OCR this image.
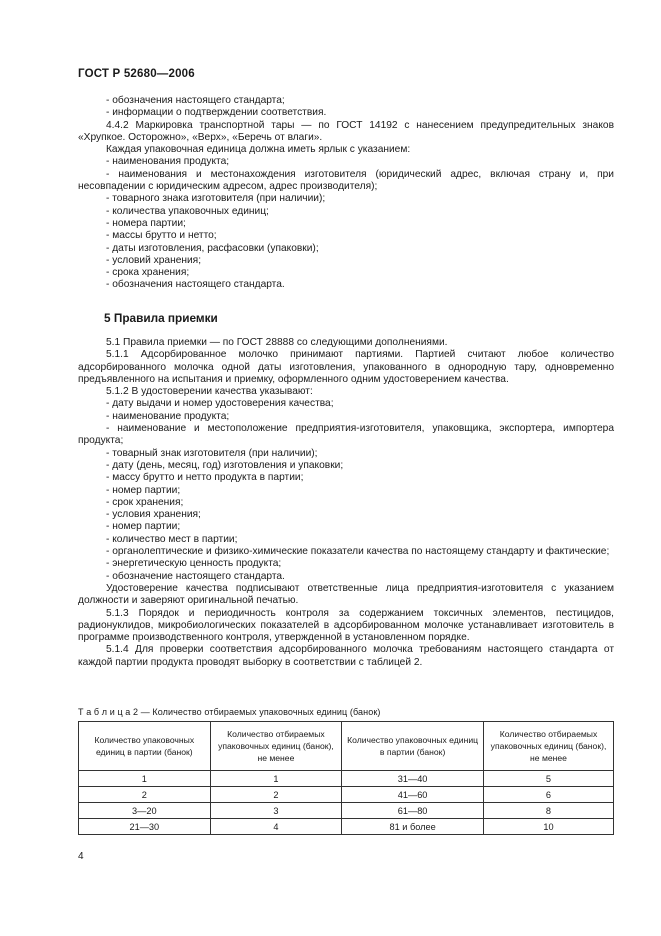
ГОСТ Р 52680—2006

- обозначения настоящего стандарта;

- информации о подтверждении соответствия.

4.4.2 Маркировка транспортной тары — по ГОСТ 14192 с нанесением предупредительных знаков «Хрупкое. Осторожно», «Верх», «Беречь от влаги».

Каждая упаковочная единица должна иметь ярлык с указанием:

- наименования продукта;

- наименования и местонахождения изготовителя (юридический адрес, включая страну и, при несовпадении с юридическим адресом, адрес производителя);

- товарного знака изготовителя (при наличии);

- количества упаковочных единиц;

- номера партии;

- массы брутто и нетто;

- даты изготовления, расфасовки (упаковки);

- условий хранения;

- срока хранения;

- обозначения настоящего стандарта.

5 Правила приемки

5.1 Правила приемки — по ГОСТ 28888 со следующими дополнениями.

5.1.1 Адсорбированное молочко принимают партиями. Партией считают любое количество адсорбированного молочка одной даты изготовления, упакованного в однородную тару, одновременно предъявленного на испытания и приемку, оформленного одним удостоверением качества.

5.1.2 В удостоверении качества указывают:

- дату выдачи и номер удостоверения качества;

- наименование продукта;

- наименование и местоположение предприятия-изготовителя, упаковщика, экспортера, импортера продукта;

- товарный знак изготовителя (при наличии);

- дату (день, месяц, год) изготовления и упаковки;

- массу брутто и нетто продукта в партии;

- номер партии;

- срок хранения;

- условия хранения;

- номер партии;

- количество мест в партии;

- органолептические и физико-химические показатели качества по настоящему стандарту и фактические;

- энергетическую ценность продукта;

- обозначение настоящего стандарта.

Удостоверение качества подписывают ответственные лица предприятия-изготовителя с указанием должности и заверяют оригинальной печатью.

5.1.3 Порядок и периодичность контроля за содержанием токсичных элементов, пестицидов, радионуклидов, микробиологических показателей в адсорбированном молочке устанавливает изготовитель в программе производственного контроля, утвержденной в установленном порядке.

5.1.4 Для проверки соответствия адсорбированного молочка требованиям настоящего стандарта от каждой партии продукта проводят выборку в соответствии с таблицей 2.

Т а б л и ц а 2 — Количество отбираемых упаковочных единиц (банок)
Количество упаковочных единиц в партии (банок)	Количество отбираемых упаковочных единиц (банок), не менее	Количество упаковочных единиц в партии (банок)	Количество отбираемых упаковочных единиц (банок), не менее
1	1	31—40	5
2	2	41—60	6
3—20	3	61—80	8
21—30	4	81 и более	10
4
